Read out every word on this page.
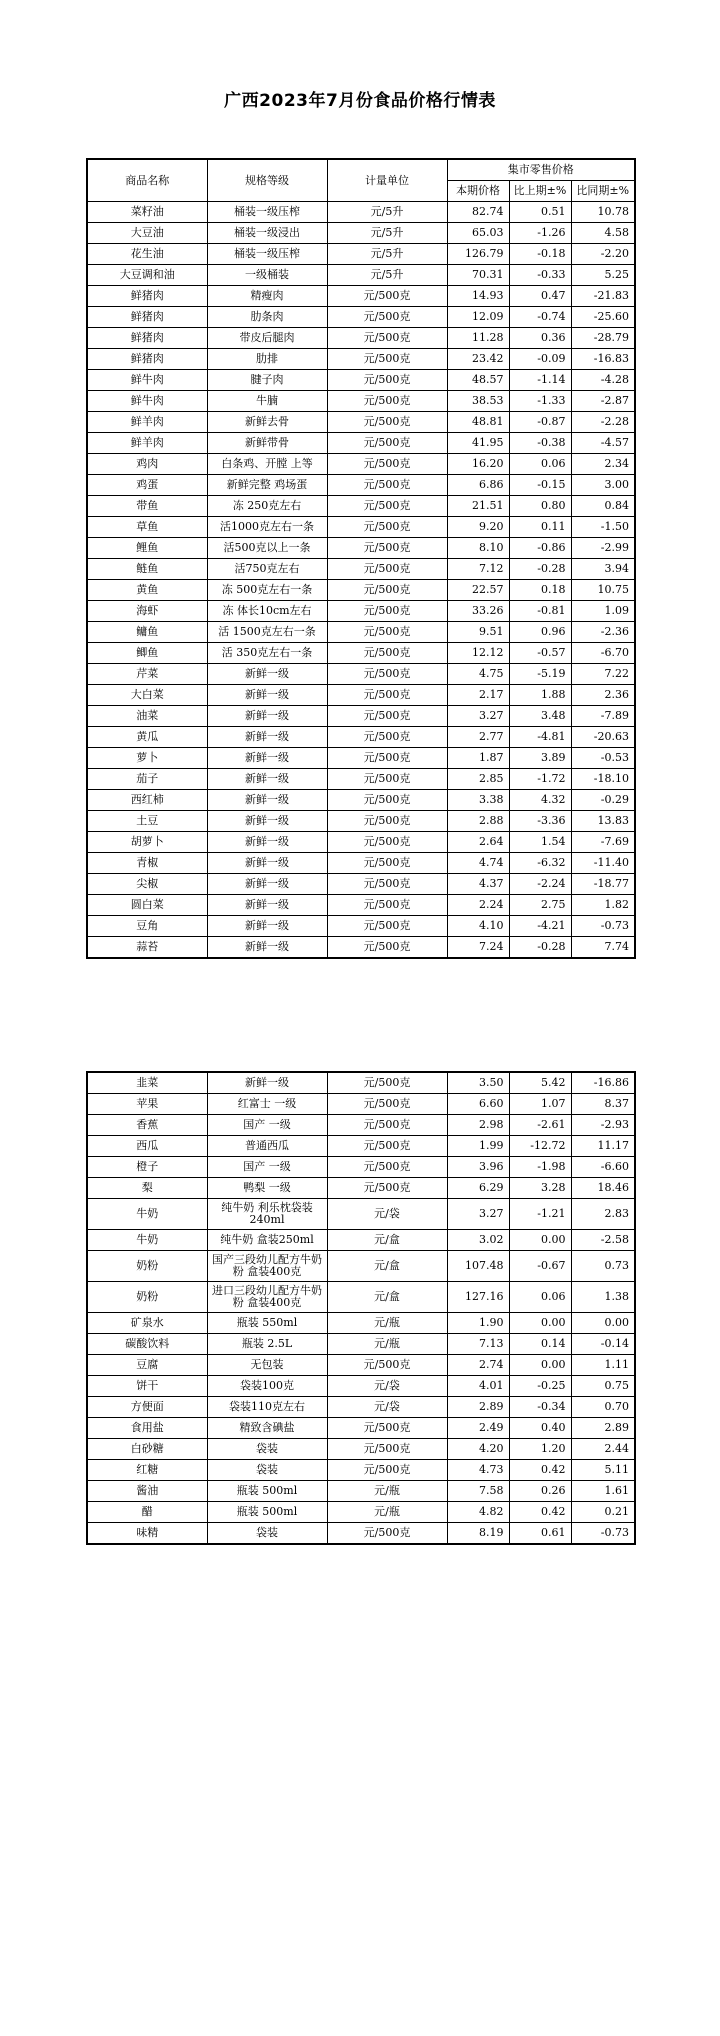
广西2023年7月份食品价格行情表
商品名称	规格等级	计量单位	集市零售价格		
			本期价格	比上期±%	比同期±%
菜籽油	桶装一级压榨	元/5升	82.74	0.51	10.78
大豆油	桶装一级浸出	元/5升	65.03	-1.26	4.58
花生油	桶装一级压榨	元/5升	126.79	-0.18	-2.20
大豆调和油	一级桶装	元/5升	70.31	-0.33	5.25
鲜猪肉	精瘦肉	元/500克	14.93	0.47	-21.83
鲜猪肉	肋条肉	元/500克	12.09	-0.74	-25.60
鲜猪肉	带皮后腿肉	元/500克	11.28	0.36	-28.79
鲜猪肉	肋排	元/500克	23.42	-0.09	-16.83
鲜牛肉	腱子肉	元/500克	48.57	-1.14	-4.28
鲜牛肉	牛腩	元/500克	38.53	-1.33	-2.87
鲜羊肉	新鲜去骨	元/500克	48.81	-0.87	-2.28
鲜羊肉	新鲜带骨	元/500克	41.95	-0.38	-4.57
鸡肉	白条鸡、开膛 上等	元/500克	16.20	0.06	2.34
鸡蛋	新鲜完整 鸡场蛋	元/500克	6.86	-0.15	3.00
带鱼	冻 250克左右	元/500克	21.51	0.80	0.84
草鱼	活1000克左右一条	元/500克	9.20	0.11	-1.50
鲤鱼	活500克以上一条	元/500克	8.10	-0.86	-2.99
鲢鱼	活750克左右	元/500克	7.12	-0.28	3.94
黄鱼	冻 500克左右一条	元/500克	22.57	0.18	10.75
海虾	冻 体长10cm左右	元/500克	33.26	-0.81	1.09
鳙鱼	活 1500克左右一条	元/500克	9.51	0.96	-2.36
鲫鱼	活 350克左右一条	元/500克	12.12	-0.57	-6.70
芹菜	新鲜一级	元/500克	4.75	-5.19	7.22
大白菜	新鲜一级	元/500克	2.17	1.88	2.36
油菜	新鲜一级	元/500克	3.27	3.48	-7.89
黄瓜	新鲜一级	元/500克	2.77	-4.81	-20.63
萝卜	新鲜一级	元/500克	1.87	3.89	-0.53
茄子	新鲜一级	元/500克	2.85	-1.72	-18.10
西红柿	新鲜一级	元/500克	3.38	4.32	-0.29
土豆	新鲜一级	元/500克	2.88	-3.36	13.83
胡萝卜	新鲜一级	元/500克	2.64	1.54	-7.69
青椒	新鲜一级	元/500克	4.74	-6.32	-11.40
尖椒	新鲜一级	元/500克	4.37	-2.24	-18.77
圆白菜	新鲜一级	元/500克	2.24	2.75	1.82
豆角	新鲜一级	元/500克	4.10	-4.21	-0.73
蒜苔	新鲜一级	元/500克	7.24	-0.28	7.74
韭菜	新鲜一级	元/500克	3.50	5.42	-16.86
苹果	红富士 一级	元/500克	6.60	1.07	8.37
香蕉	国产 一级	元/500克	2.98	-2.61	-2.93
西瓜	普通西瓜	元/500克	1.99	-12.72	11.17
橙子	国产 一级	元/500克	3.96	-1.98	-6.60
梨	鸭梨 一级	元/500克	6.29	3.28	18.46
牛奶	纯牛奶 利乐枕袋装240ml	元/袋	3.27	-1.21	2.83
牛奶	纯牛奶 盒装250ml	元/盒	3.02	0.00	-2.58
奶粉	国产三段幼儿配方牛奶粉 盒装400克	元/盒	107.48	-0.67	0.73
奶粉	进口三段幼儿配方牛奶粉 盒装400克	元/盒	127.16	0.06	1.38
矿泉水	瓶装 550ml	元/瓶	1.90	0.00	0.00
碳酸饮料	瓶装 2.5L	元/瓶	7.13	0.14	-0.14
豆腐	无包装	元/500克	2.74	0.00	1.11
饼干	袋装100克	元/袋	4.01	-0.25	0.75
方便面	袋装110克左右	元/袋	2.89	-0.34	0.70
食用盐	精致含碘盐	元/500克	2.49	0.40	2.89
白砂糖	袋装	元/500克	4.20	1.20	2.44
红糖	袋装	元/500克	4.73	0.42	5.11
酱油	瓶装 500ml	元/瓶	7.58	0.26	1.61
醋	瓶装 500ml	元/瓶	4.82	0.42	0.21
味精	袋装	元/500克	8.19	0.61	-0.73
